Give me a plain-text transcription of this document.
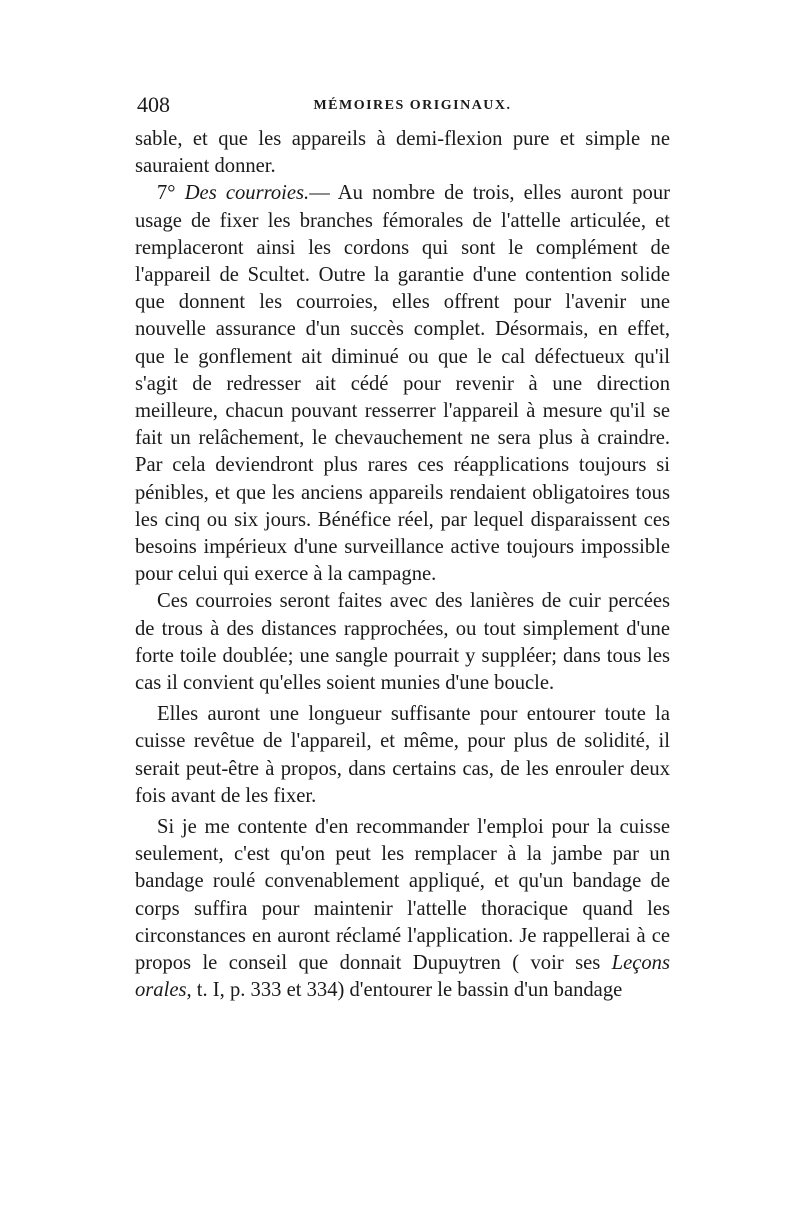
408	MÉMOIRES ORIGINAUX.

sable, et que les appareils à demi-flexion pure et simple ne sauraient donner.

7° Des courroies.— Au nombre de trois, elles auront pour usage de fixer les branches fémorales de l'attelle articulée, et remplaceront ainsi les cordons qui sont le complément de l'appareil de Scultet. Outre la garantie d'une contention solide que donnent les courroies, elles offrent pour l'avenir une nouvelle assurance d'un succès complet. Désormais, en effet, que le gonflement ait diminué ou que le cal défectueux qu'il s'agit de redresser ait cédé pour revenir à une direction meilleure, chacun pouvant resserrer l'appareil à mesure qu'il se fait un relâchement, le chevauchement ne sera plus à craindre. Par cela deviendront plus rares ces réapplications toujours si pénibles, et que les anciens appareils rendaient obligatoires tous les cinq ou six jours. Bénéfice réel, par lequel disparaissent ces besoins impérieux d'une surveillance active toujours impossible pour celui qui exerce à la campagne.

Ces courroies seront faites avec des lanières de cuir percées de trous à des distances rapprochées, ou tout simplement d'une forte toile doublée; une sangle pourrait y suppléer; dans tous les cas il convient qu'elles soient munies d'une boucle.

Elles auront une longueur suffisante pour entourer toute la cuisse revêtue de l'appareil, et même, pour plus de solidité, il serait peut-être à propos, dans certains cas, de les enrouler deux fois avant de les fixer.

Si je me contente d'en recommander l'emploi pour la cuisse seulement, c'est qu'on peut les remplacer à la jambe par un bandage roulé convenablement appliqué, et qu'un bandage de corps suffira pour maintenir l'attelle thoracique quand les circonstances en auront réclamé l'application. Je rappellerai à ce propos le conseil que donnait Dupuytren ( voir ses Leçons orales, t. I, p. 333 et 334) d'entourer le bassin d'un bandage
